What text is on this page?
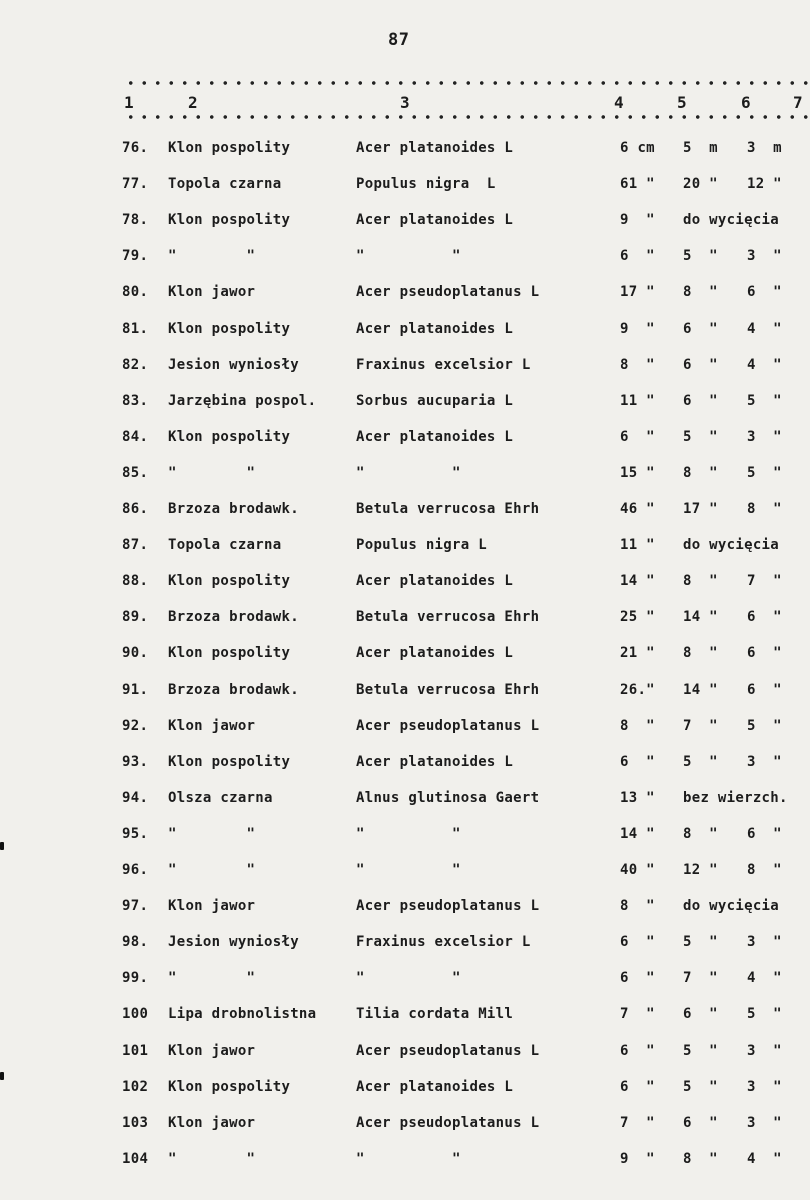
87
1	2	3	4	5	6	7
76. Klon pospolity	Acer platanoides L	6 cm 5  m 3  m
77. Topola czarna	Populus nigra  L	61 " 20 " 12 "
78. Klon pospolity	Acer platanoides L	9  " do wycięcia
79. "        "	"          "	6  " 5  " 3  "
80. Klon jawor	Acer pseudoplatanus L	17 " 8  " 6  "
81. Klon pospolity	Acer platanoides L	9  " 6  " 4  "
82. Jesion wyniosły	Fraxinus excelsior L	8  " 6  " 4  "
83. Jarzębina pospol.	Sorbus aucuparia L	11 " 6  " 5  "
84. Klon pospolity	Acer platanoides L	6  " 5  " 3  "
85. "        "	"          "	15 " 8  " 5  "
86. Brzoza brodawk.	Betula verrucosa Ehrh	46 " 17 " 8  "
87. Topola czarna	Populus nigra L	11 " do wycięcia
88. Klon pospolity	Acer platanoides L	14 " 8  " 7  "
89. Brzoza brodawk.	Betula verrucosa Ehrh	25 " 14 " 6  "
90. Klon pospolity	Acer platanoides L	21 " 8  " 6  "
91. Brzoza brodawk.	Betula verrucosa Ehrh	26." 14 " 6  "
92. Klon jawor	Acer pseudoplatanus L	8  " 7  " 5  "
93. Klon pospolity	Acer platanoides L	6  " 5  " 3  "
94. Olsza czarna	Alnus glutinosa Gaert	13 " bez wierzch.
95. "        "	"          "	14 " 8  " 6  "
96. "        "	"          "	40 " 12 " 8  "
97. Klon jawor	Acer pseudoplatanus L	8  " do wycięcia
98. Jesion wyniosły	Fraxinus excelsior L	6  " 5  " 3  "
99. "        "	"          "	6  " 7  " 4  "
100 Lipa drobnolistna	Tilia cordata Mill	7  " 6  " 5  "
101 Klon jawor	Acer pseudoplatanus L	6  " 5  " 3  "
102 Klon pospolity	Acer platanoides L	6  " 5  " 3  "
103 Klon jawor	Acer pseudoplatanus L	7  " 6  " 3  "
104 "        "	"          "	9  " 8  " 4  "
